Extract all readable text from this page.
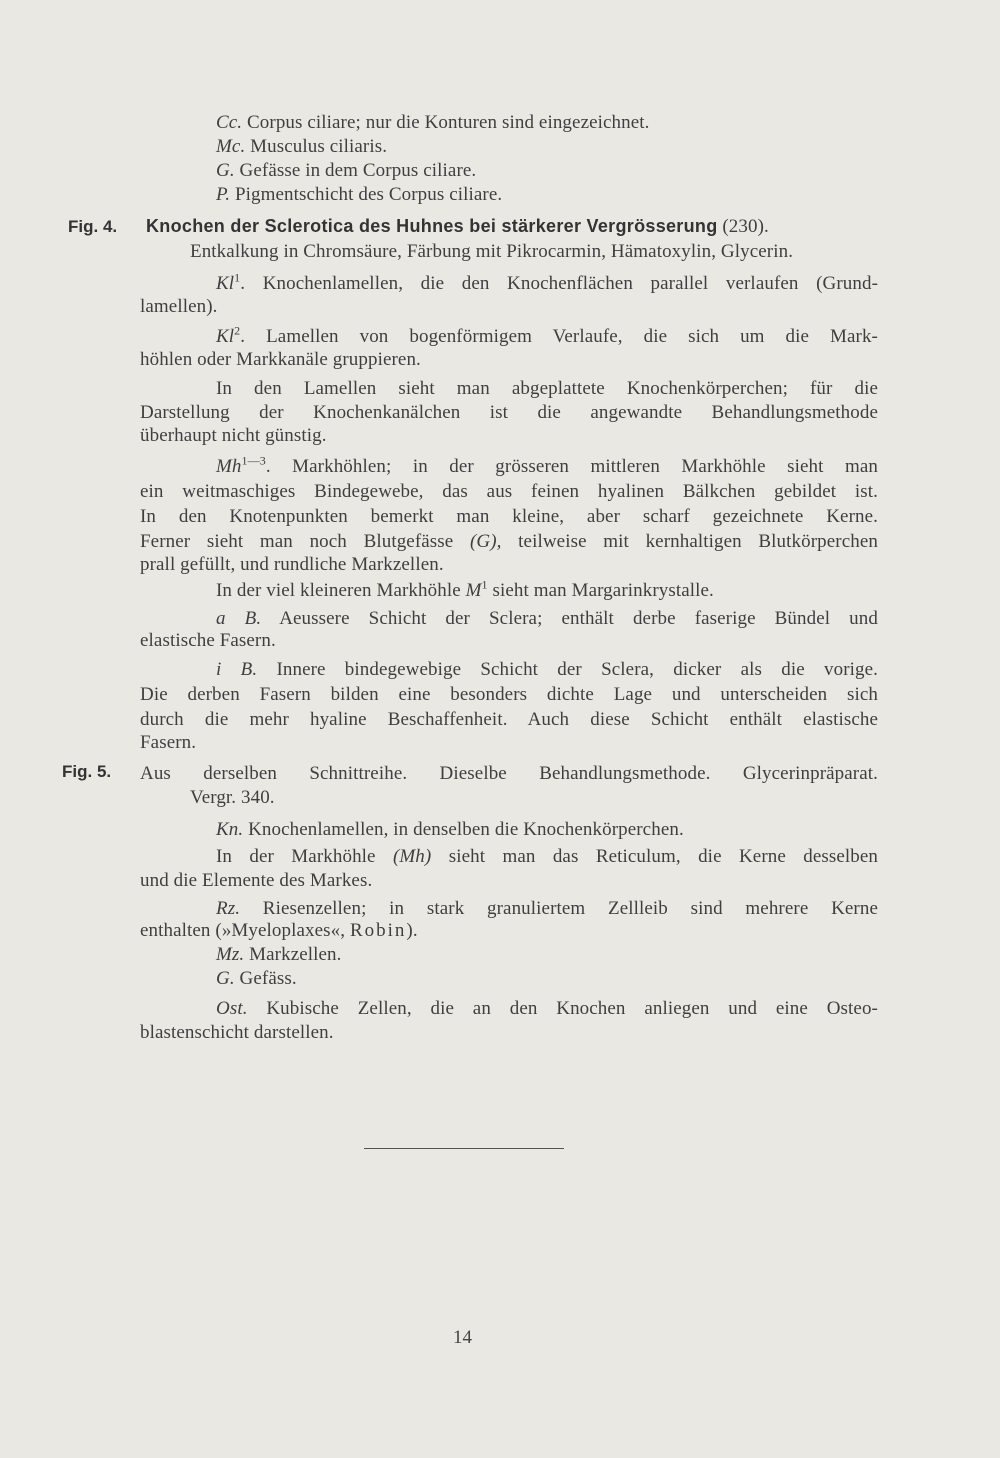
Cc. Corpus ciliare; nur die Konturen sind eingezeichnet.
Mc. Musculus ciliaris.
G. Gefässe in dem Corpus ciliare.
P. Pigmentschicht des Corpus ciliare.
Fig. 4. Knochen der Sclerotica des Huhnes bei stärkerer Vergrösserung (230).
Entkalkung in Chromsäure, Färbung mit Pikrocarmin, Hämatoxylin, Glycerin.
Kl$^1$. Knochenlamellen, die den Knochenflächen parallel verlaufen (Grund-
lamellen).
Kl$^2$. Lamellen von bogenförmigem Verlaufe, die sich um die Mark-
höhlen oder Markkanäle gruppieren.
In den Lamellen sieht man abgeplattete Knochenkörperchen; für die
Darstellung der Knochenkanälchen ist die angewandte Behandlungsmethode
überhaupt nicht günstig.
$Mh^{1—3}$. Markhöhlen; in der grösseren mittleren Markhöhle sieht man
ein weitmaschiges Bindegewebe, das aus feinen hyalinen Bälkchen gebildet ist.
In den Knotenpunkten bemerkt man kleine, aber scharf gezeichnete Kerne.
Ferner sieht man noch Blutgefässe (G), teilweise mit kernhaltigen Blutkörperchen
prall gefüllt, und rundliche Markzellen.
In der viel kleineren Markhöhle $M^1$ sieht man Margarinkrystalle.
a B. Aeussere Schicht der Sclera; enthält derbe faserige Bündel und
elastische Fasern.
i B. Innere bindegewebige Schicht der Sclera, dicker als die vorige.
Die derben Fasern bilden eine besonders dichte Lage und unterscheiden sich
durch die mehr hyaline Beschaffenheit. Auch diese Schicht enthält elastische
Fasern.
Fig. 5. Aus derselben Schnittreihe. Dieselbe Behandlungsmethode. Glycerinpräparat.
Vergr. 340.
Kn. Knochenlamellen, in denselben die Knochenkörperchen.
In der Markhöhle (Mh) sieht man das Reticulum, die Kerne desselben
und die Elemente des Markes.
Rz. Riesenzellen; in stark granuliertem Zellleib sind mehrere Kerne
enthalten (»Myeloplaxes«, Robin).
Mz. Markzellen.
G. Gefäss.
Ost. Kubische Zellen, die an den Knochen anliegen und eine Osteo-
blastenschicht darstellen.
14
